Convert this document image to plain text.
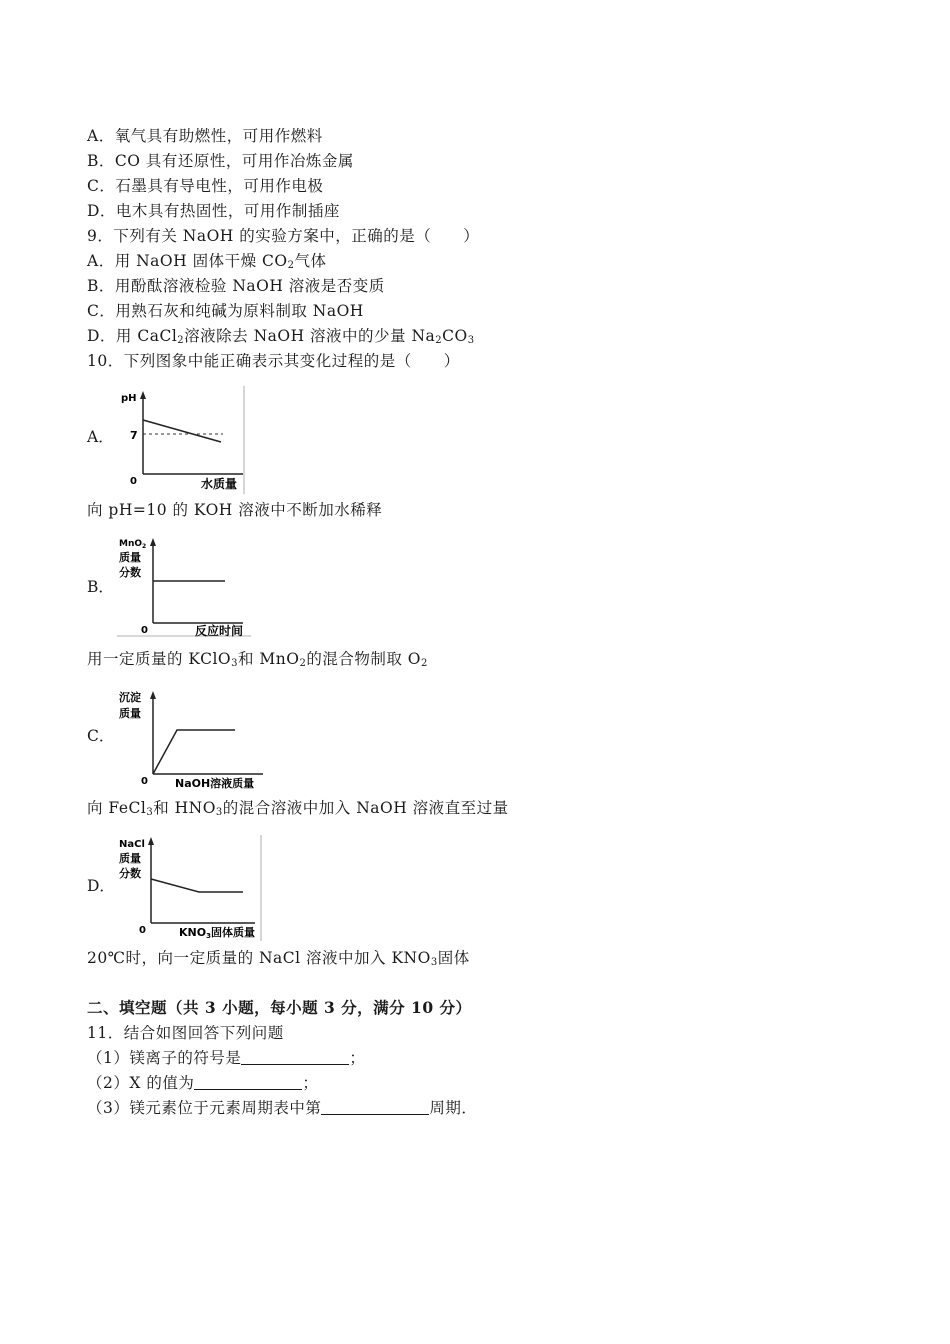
A．氧气具有助燃性，可用作燃料
B．CO 具有还原性，可用作冶炼金属
C．石墨具有导电性，可用作电极
D．电木具有热固性，可用作制插座
9．下列有关 NaOH 的实验方案中，正确的是（　　）
A．用 NaOH 固体干燥 $CO_2$气体
B．用酚酞溶液检验 NaOH 溶液是否变质
C．用熟石灰和纯碱为原料制取 NaOH
D．用 CaCl$_2$溶液除去 NaOH 溶液中的少量 $Na_2CO_3$
10．下列图象中能正确表示其变化过程的是（　　）
A．
pH
7
0	水质量
向 pH=10 的 KOH 溶液中不断加水稀释
B．
MnO$_2$
质量
分数
0	反应时间
用一定质量的 KClO$_3$和 MnO$_2$的混合物制取 $O_2$
C．
沉淀
质量
0 NaOH溶液质量
向 FeCl$_3$和 $HNO_3$的混合溶液中加入 NaOH 溶液直至过量
D．
NaCl
质量
分数
0	KNO3固体质量
20℃时，向一定质量的 NaCl 溶液中加入 $KNO_3$固体
二、填空题（共 3 小题，每小题 3 分，满分 10 分）
11．结合如图回答下列问题
（1）镁离子的符号是	；
（2）X 的值为	；
（3）镁元素位于元素周期表中第	周期．
